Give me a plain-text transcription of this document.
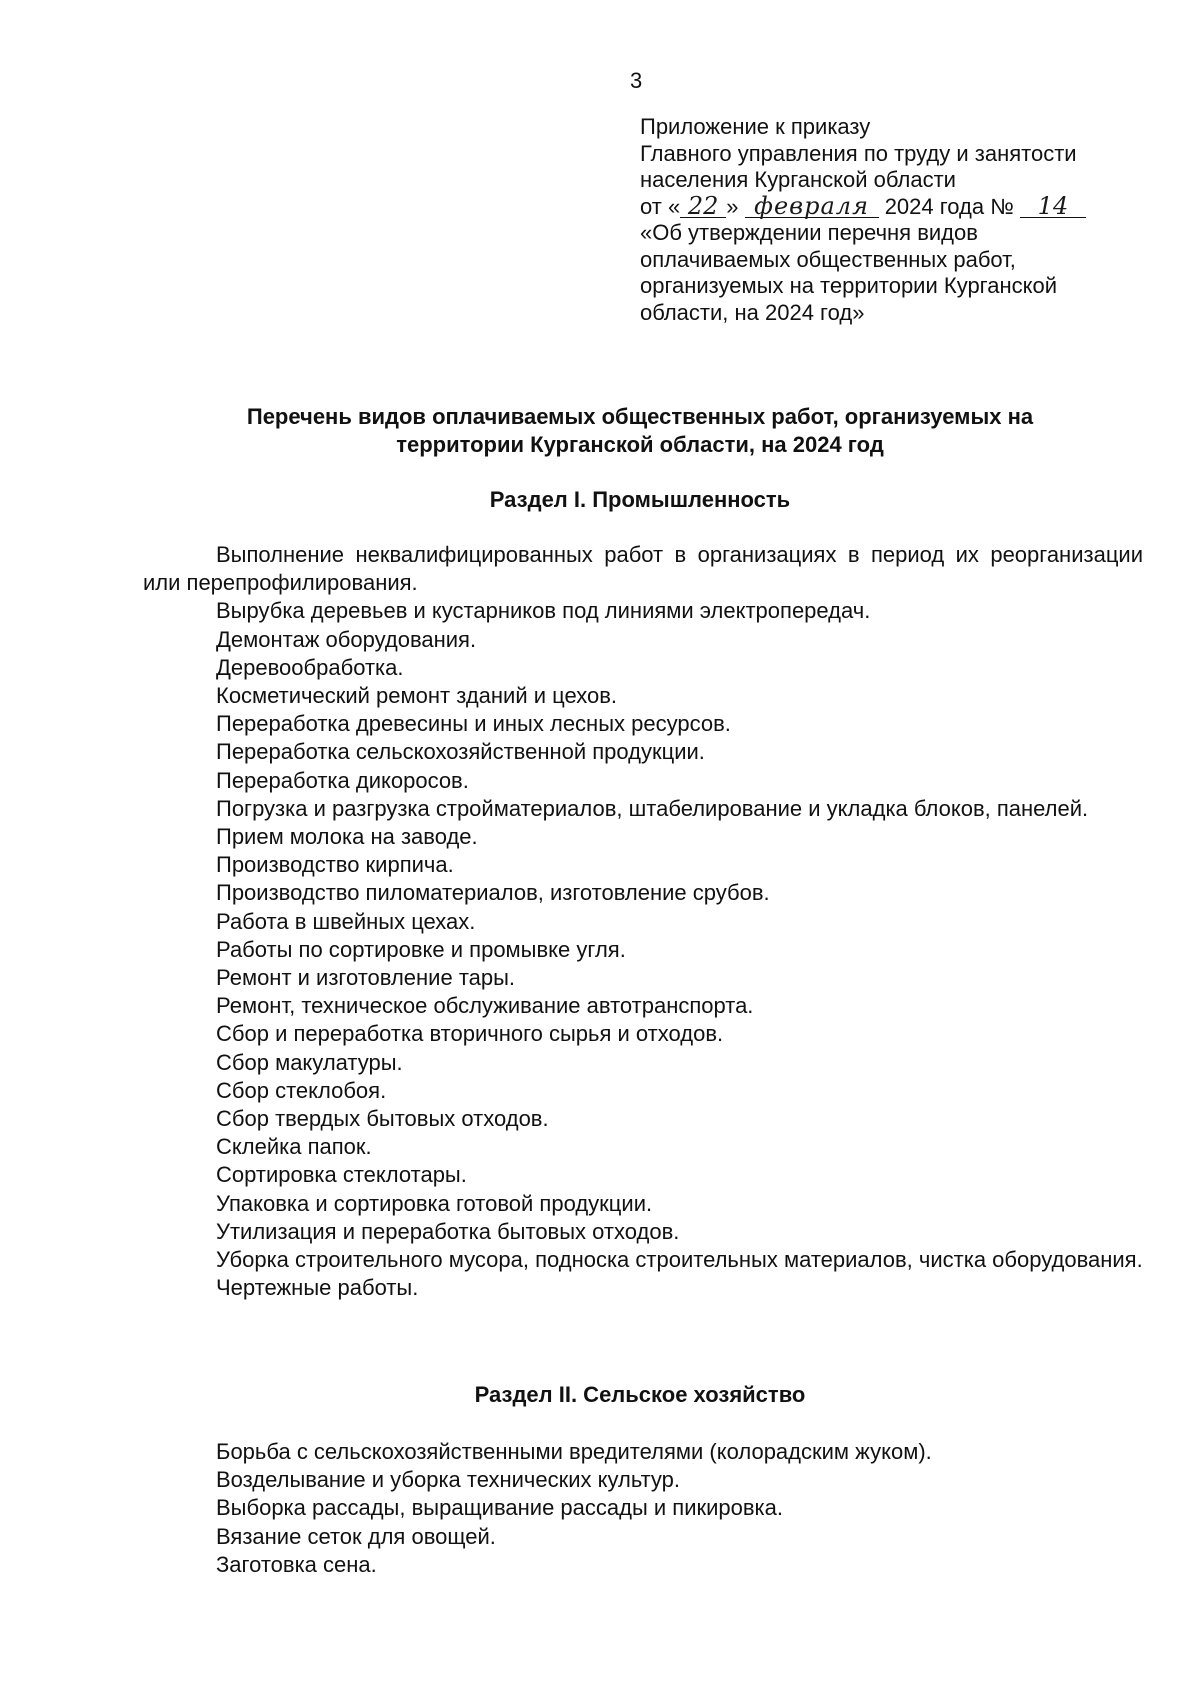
3
Приложение к приказу
Главного управления по труду и занятости
населения Курганской области
от « 22 » февраля 2024 года № 14
«Об утверждении перечня видов
оплачиваемых общественных работ,
организуемых на территории Курганской
области, на 2024 год»
Перечень видов оплачиваемых общественных работ, организуемых на
территории Курганской области, на 2024 год
Раздел I. Промышленность

Выполнение неквалифицированных работ в организациях в период их реорганизации или перепрофилирования.

Вырубка деревьев и кустарников под линиями электропередач.

Демонтаж оборудования.

Деревообработка.

Косметический ремонт зданий и цехов.

Переработка древесины и иных лесных ресурсов.

Переработка сельскохозяйственной продукции.

Переработка дикоросов.

Погрузка и разгрузка стройматериалов, штабелирование и укладка блоков, панелей.

Прием молока на заводе.

Производство кирпича.

Производство пиломатериалов, изготовление срубов.

Работа в швейных цехах.

Работы по сортировке и промывке угля.

Ремонт и изготовление тары.

Ремонт, техническое обслуживание автотранспорта.

Сбор и переработка вторичного сырья и отходов.

Сбор макулатуры.

Сбор стеклобоя.

Сбор твердых бытовых отходов.

Склейка папок.

Сортировка стеклотары.

Упаковка и сортировка готовой продукции.

Утилизация и переработка бытовых отходов.

Уборка строительного мусора, подноска строительных материалов, чистка оборудования.

Чертежные работы.

Раздел II. Сельское хозяйство

Борьба с сельскохозяйственными вредителями (колорадским жуком).

Возделывание и уборка технических культур.

Выборка рассады, выращивание рассады и пикировка.

Вязание сеток для овощей.

Заготовка сена.
